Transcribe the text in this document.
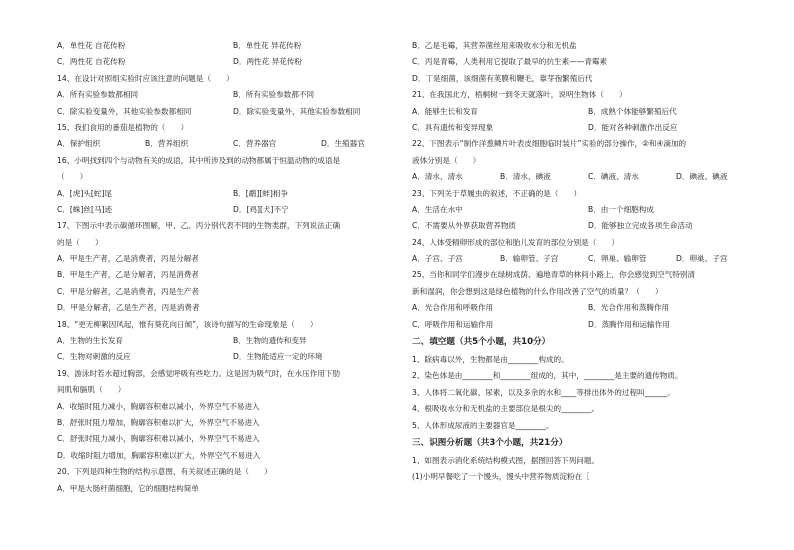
A．单性花 自花传粉	B．单性花 异花传粉
C．两性花 自花传粉	D．两性花 异花传粉
14、在设计对照组实验时应该注意的问题是（　　）
A．所有实验参数都相同	B．所有实验参数都不同
C．除实验变量外，其他实验参数都相同	D．除实验变量外，其他实验参数相同
15、我们食用的番茄是植物的（　　）
A．保护组织	B．营养组织	C．营养器官	D．生殖器官
16、小明找到四个与动物有关的成语，其中所涉及到的动物都属于恒温动物的成语是
（　　）
A．[虎]头[蛇]尾	B．[鹬][蚌]相争
C．[蛛]丝[马]迹	D．[鸡][犬]不宁
17、下图示中表示碳循环图解，甲、乙、丙分别代表不同的生物类群，下列说法正确
的是（　　）
A．甲是生产者，乙是消费者，丙是分解者
B．甲是生产者，乙是分解者，丙是消费者
C．甲是分解者，乙是消费者，丙是生产者
D．甲是分解者，乙是生产者，丙是消费者
18、“更无柳絮因风起，惟有葵花向日倾”，该诗句描写的生命现象是（　　）
A．生物的生长发育	B．生物的遗传和变异
C．生物对刺激的反应	D．生物能适应一定的环境
19、游泳时若水超过胸部，会感觉呼吸有些吃力。这是因为吸气时，在水压作用下肋
间肌和膈肌（　　）
A．收缩时阻力减小，胸廓容积难以减小，外界空气不易进入
B．舒张时阻力增加，胸廓容积难以扩大，外界空气不易进入
C．舒张时阻力减小，胸廓容积难以减小，外界空气不易进入
D．收缩时阻力增加，胸廓容积难以扩大，外界空气不易进入
20、下列是四种生物的结构示意图，有关叙述正确的是（　　）
A．甲是大肠杆菌细胞，它的细胞结构简单
B．乙是毛霉，其营养菌丝用来吸收水分和无机盐
C．丙是青霉，人类利用它提取了最早的抗生素——青霉素
D．丁是细菌，该细菌有荚膜和鞭毛，靠芽孢繁殖后代
21、在我国北方，梧桐树一到冬天就落叶，说明生物体（　　）
A．能够生长和发育	B．成熟个体能够繁殖后代
C．具有遗传和变异现象	D．能对各种刺激作出反应
22、下图表示“制作洋葱鳞片叶表皮细胞临时装片”实验的部分操作，②和④滴加的
液体分别是（　　）
A．清水、清水	B．清水、碘液	C．碘液、清水	D．碘液、碘液
23、下列关于草履虫的叙述，不正确的是（　　）
A．生活在水中	B．由一个细胞构成
C．不需要从外界获取营养物质	D．能够独立完成各项生命活动
24、人体受精卵形成的部位和胎儿发育的部位分别是（　　）
A．子宫、子宫	B．输卵管、子宫	C．卵巢、输卵管	D．卵巢、子宫
25、当你和同学们漫步在绿树成荫、遍地青草的林间小路上，你会感觉到空气特别清
新和湿润，你会想到这是绿色植物的什么作用改善了空气的质量？（　　）
A．光合作用和呼吸作用	B．光合作用和蒸腾作用
C．呼吸作用和运输作用	D．蒸腾作用和运输作用
二、填空题（共5个小题，共10分）
1、除病毒以外，生物都是由________构成的。
2、染色体是由________和________组成的，其中，________是主要的遗传物质。
3、人体将二氧化碳、尿素，以及多余的水和____等排出体外的过程叫______。
4、根吸收水分和无机盐的主要部位是根尖的________。
5、人体形成尿液的主要器官是________。
三、识图分析题（共3个小题，共21分）
1、如图表示消化系统结构模式图，据图回答下列问题。
(1)小明早餐吃了一个馒头，馒头中营养物质淀粉在［
